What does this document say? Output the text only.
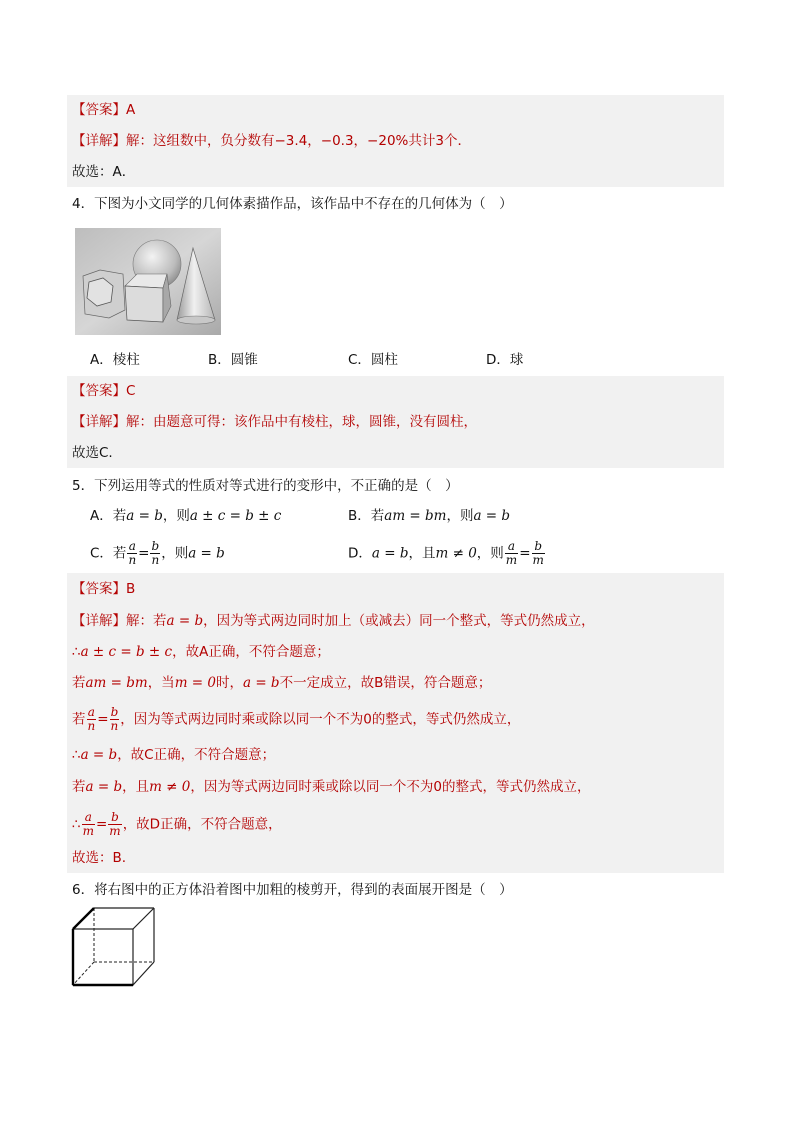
【答案】A
【详解】解：这组数中，负分数有−3.4，−0.3，−20%共计3个．
故选：A．
4．下图为小文同学的几何体素描作品，该作品中不存在的几何体为（　）
A．棱柱	B．圆锥	C．圆柱	D．球
【答案】C
【详解】解：由题意可得：该作品中有棱柱，球，圆锥，没有圆柱，
故选C.
5．下列运用等式的性质对等式进行的变形中，不正确的是（　）
A．若a = b，则a ± c = b ± c	B．若am = bm，则a = b
C．若 $\frac{a}{n} = \frac{b}{n}$ ，则a = b	D．a = b，且m ≠ 0，则 $\frac{a}{m} = \frac{b}{m}$
【答案】B
【详解】解：若a = b，因为等式两边同时加上（或减去）同一个整式，等式仍然成立，
∴a ± c = b ± c，故A正确，不符合题意；
若am = bm，当m = 0时，a = b不一定成立，故B错误，符合题意；
若 $\frac{a}{n} = \frac{b}{n}$ ，因为等式两边同时乘或除以同一个不为0的整式，等式仍然成立，
∴a = b，故C正确，不符合题意；
若a = b，且m ≠ 0，因为等式两边同时乘或除以同一个不为0的整式，等式仍然成立，
∴ $\frac{a}{m} = \frac{b}{m}$ ，故D正确，不符合题意，
故选：B.
6．将右图中的正方体沿着图中加粗的棱剪开，得到的表面展开图是（　）
